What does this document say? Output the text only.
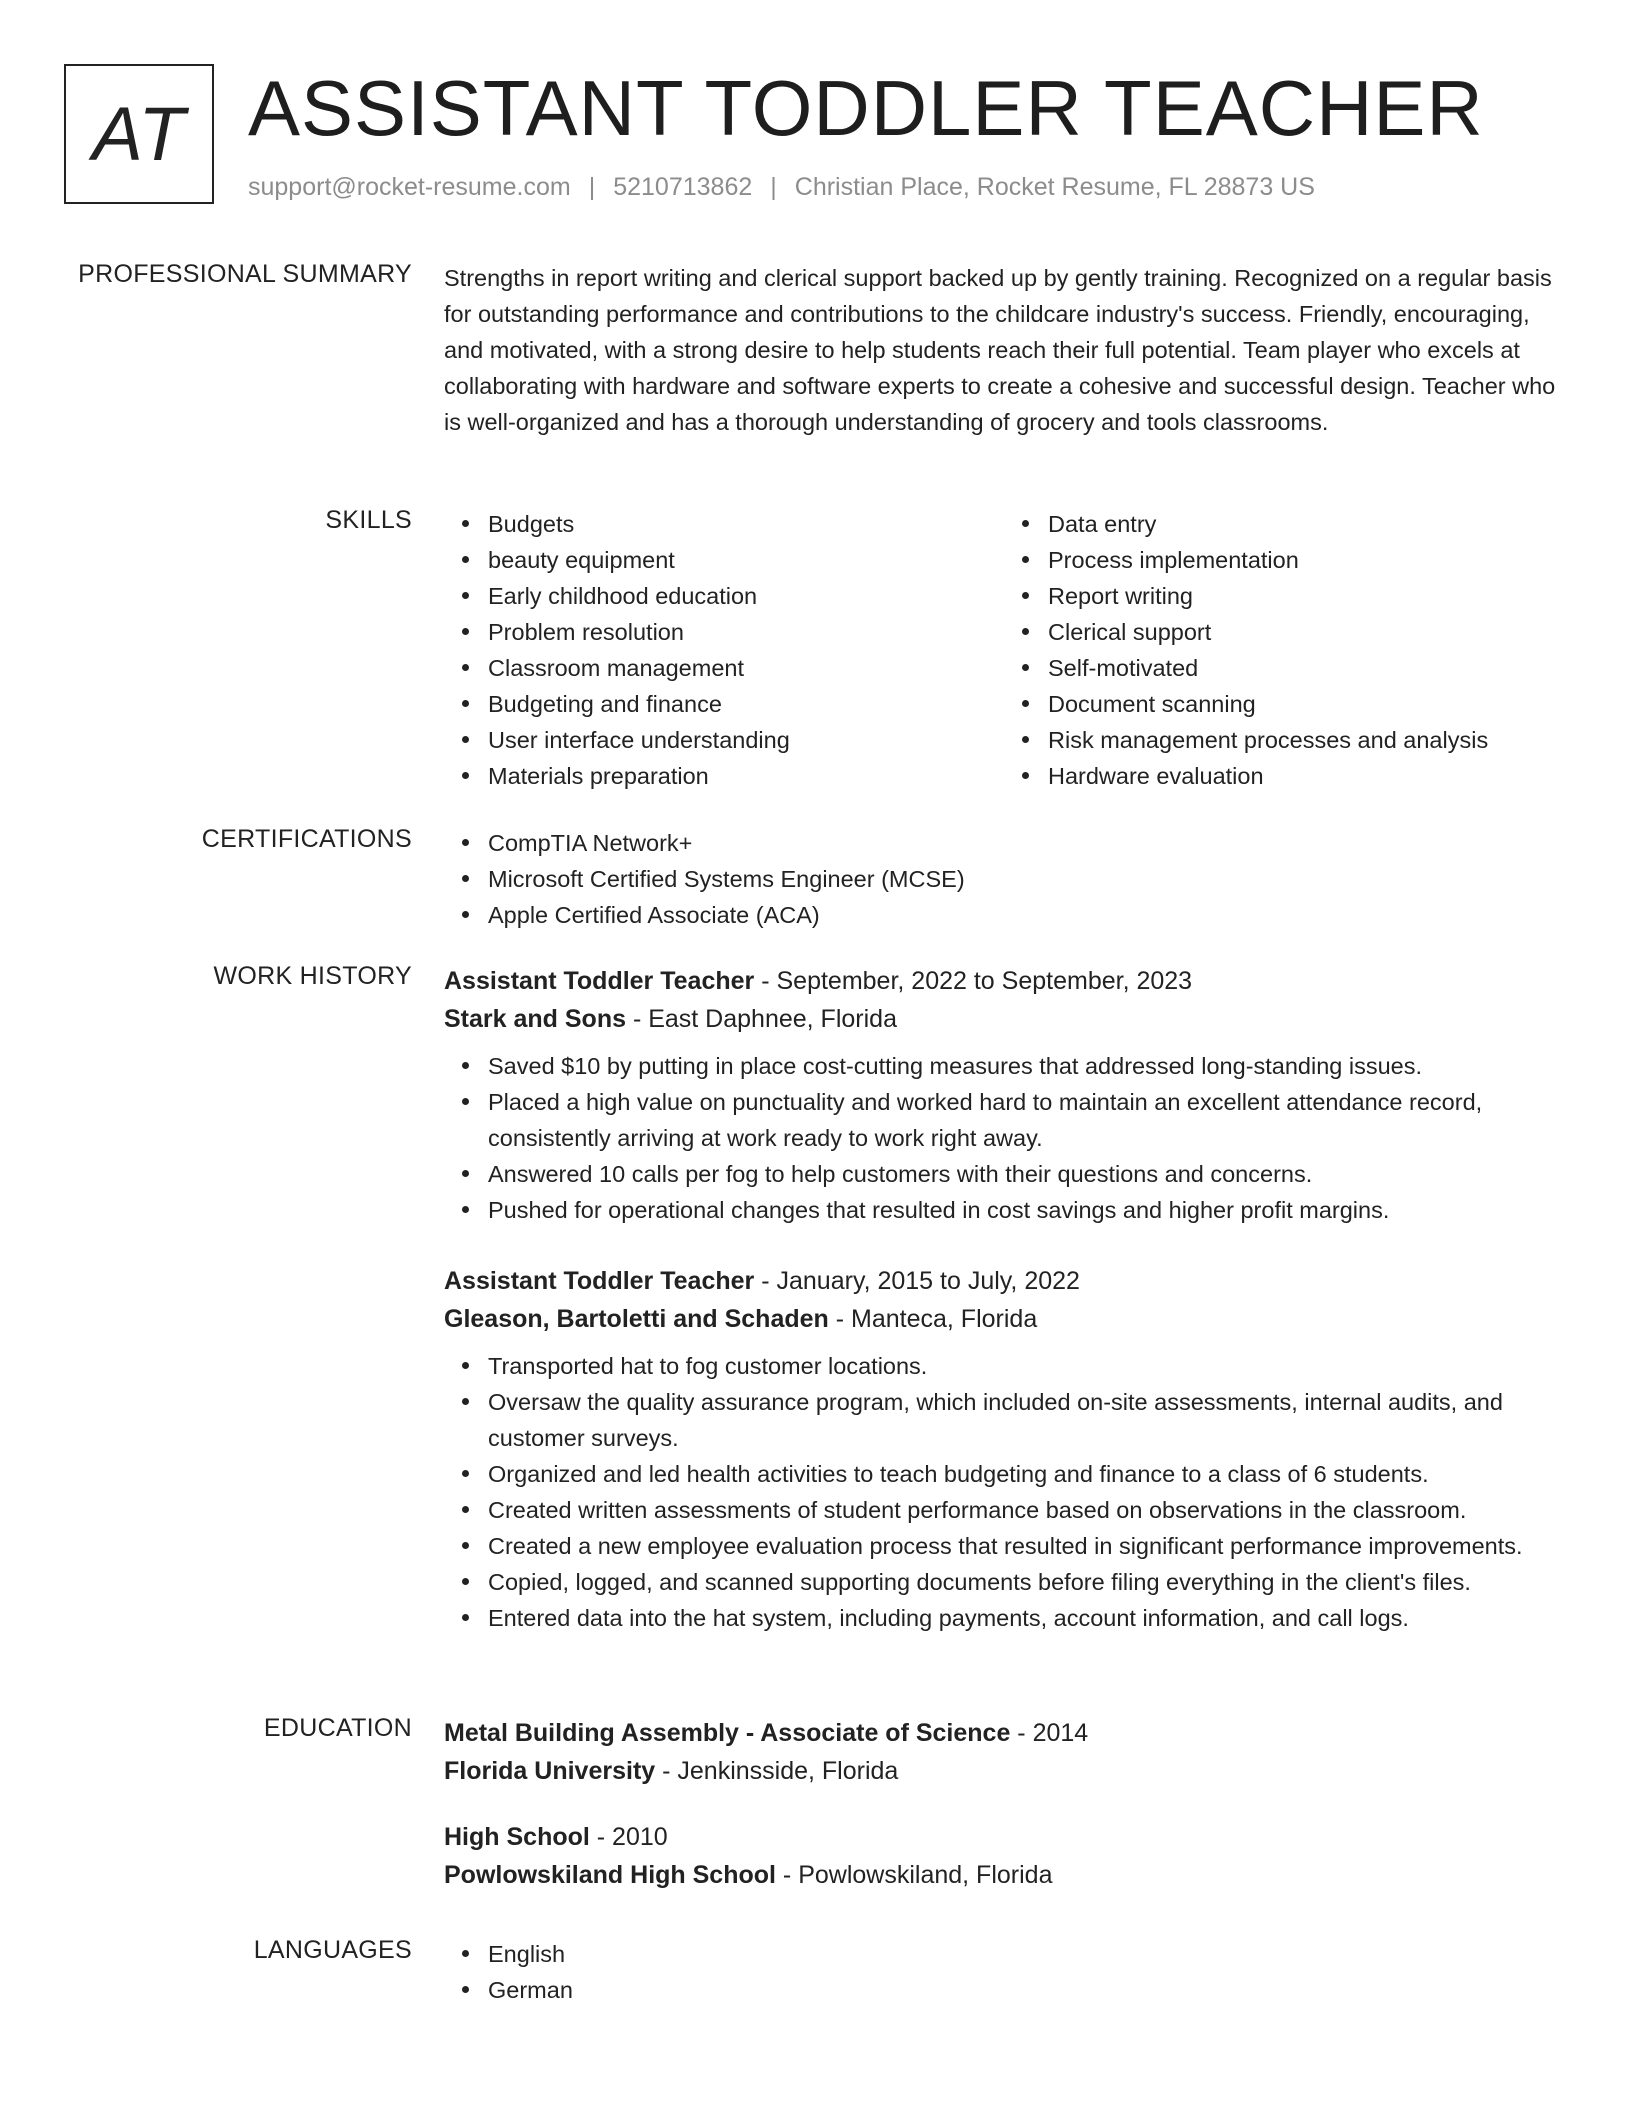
AT ASSISTANT TODDLER TEACHER
support@rocket-resume.com | 5210713862 | Christian Place, Rocket Resume, FL 28873 US
PROFESSIONAL SUMMARY Strengths in report writing and clerical support backed up by gently training. Recognized on a regular basis for outstanding performance and contributions to the childcare industry's success. Friendly, encouraging, and motivated, with a strong desire to help students reach their full potential. Team player who excels at collaborating with hardware and software experts to create a cohesive and successful design. Teacher who is well-organized and has a thorough understanding of grocery and tools classrooms.
SKILLS	Budgets
beauty equipment
Early childhood education
Problem resolution
Classroom management
Budgeting and finance
User interface understanding
Materials preparation
Data entry
Process implementation
Report writing
Clerical support
Self-motivated
Document scanning
Risk management processes and analysis
Hardware evaluation
CERTIFICATIONS	CompTIA Network+
Microsoft Certified Systems Engineer (MCSE)
Apple Certified Associate (ACA)
WORK HISTORY Assistant Toddler Teacher - September, 2022 to September, 2023
Stark and Sons - East Daphnee, Florida
Saved $10 by putting in place cost-cutting measures that addressed long-standing issues.
Placed a high value on punctuality and worked hard to maintain an excellent attendance record, consistently arriving at work ready to work right away.
Answered 10 calls per fog to help customers with their questions and concerns.
Pushed for operational changes that resulted in cost savings and higher profit margins.
Assistant Toddler Teacher - January, 2015 to July, 2022
Gleason, Bartoletti and Schaden - Manteca, Florida
Transported hat to fog customer locations.
Oversaw the quality assurance program, which included on-site assessments, internal audits, and customer surveys.
Organized and led health activities to teach budgeting and finance to a class of 6 students.
Created written assessments of student performance based on observations in the classroom.
Created a new employee evaluation process that resulted in significant performance improvements.
Copied, logged, and scanned supporting documents before filing everything in the client's files.
Entered data into the hat system, including payments, account information, and call logs.
EDUCATION Metal Building Assembly - Associate of Science - 2014
Florida University - Jenkinsside, Florida
High School - 2010
Powlowskiland High School - Powlowskiland, Florida
LANGUAGES	English
German
